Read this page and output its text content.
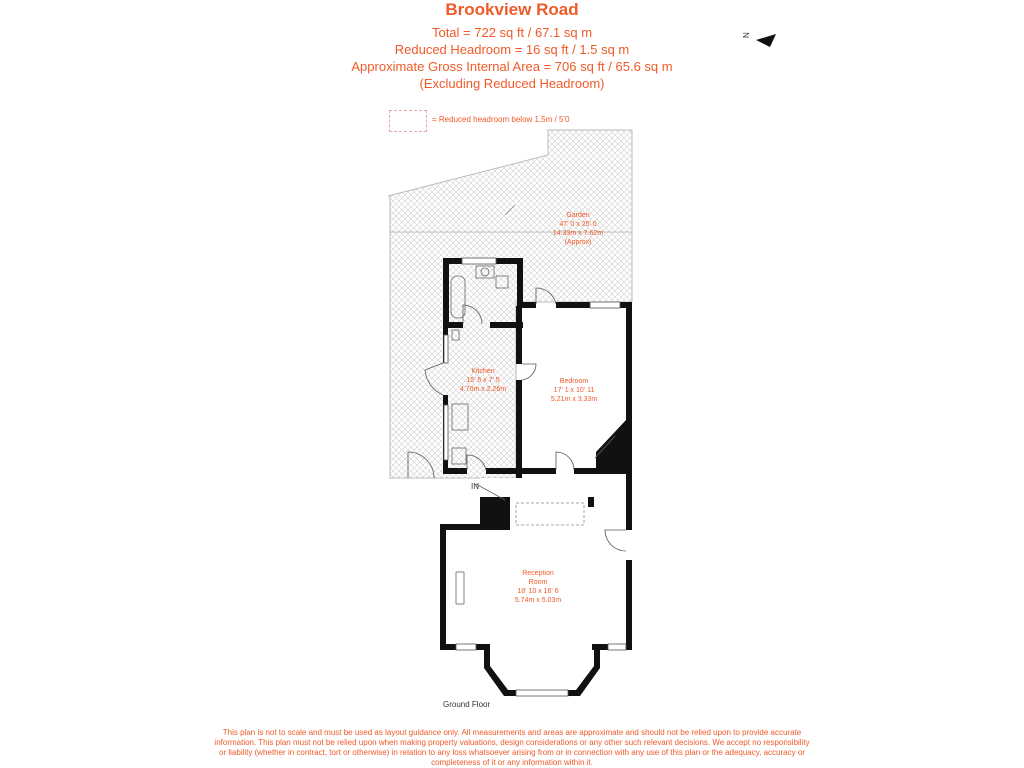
Brookview Road
Total = 722 sq ft / 67.1 sq m
Reduced Headroom = 16 sq ft / 1.5 sq m
Approximate Gross Internal Area = 706 sq ft / 65.6 sq m
(Excluding Reduced Headroom)
= Reduced headroom below 1.5m / 5'0
N
Garden
47' 0 x 25' 0
14.33m x 7.62m
(Approx)
Kitchen
15' 5 x 7' 5
4.70m x 2.26m
Bedroom
17' 1 x 10' 11
5.21m x 3.33m
Reception
Room
18' 10 x 16' 6
5.74m x 5.03m
IN
Ground Floor
This plan is not to scale and must be used as layout guidance only. All measurements and areas are approximate and should not be relied upon to provide accurate information. This plan must not be relied upon when making property valuations, design considerations or any other such relevant decisions. We accept no responsibility or liability (whether in contract, tort or otherwise) in relation to any loss whatsoever arising from or in connection with any use of this plan or the adequacy, accuracy or completeness of it or any information within it.
